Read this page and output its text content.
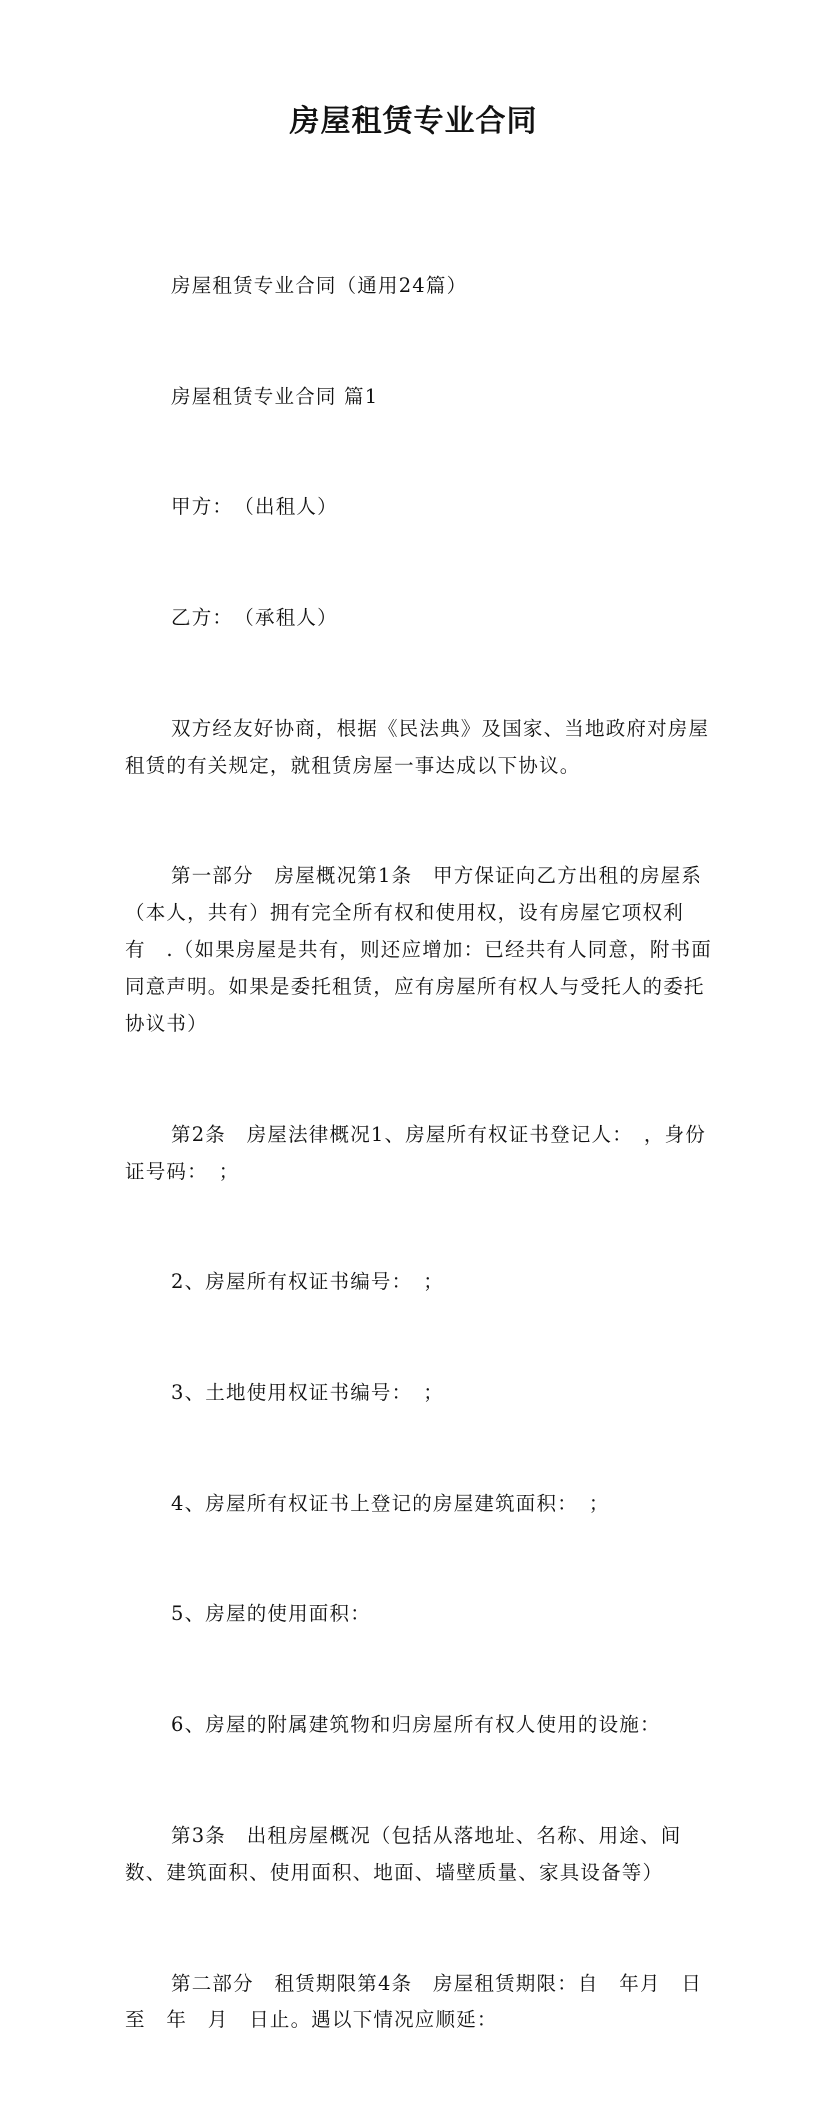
房屋租赁专业合同

房屋租赁专业合同（通用24篇）

房屋租赁专业合同 篇1

甲方：　（出租人）

乙方：　（承租人）

双方经友好协商，根据《民法典》及国家、当地政府对房屋租赁的有关规定，就租赁房屋一事达成以下协议。

第一部分　房屋概况第1条　甲方保证向乙方出租的房屋系　（本人，共有）拥有完全所有权和使用权，设有房屋它项权利有　.（如果房屋是共有，则还应增加：已经共有人同意，附书面同意声明。如果是委托租赁，应有房屋所有权人与受托人的委托协议书）

第2条　房屋法律概况1、房屋所有权证书登记人：　，身份证号码：　；

2、房屋所有权证书编号：　；

3、土地使用权证书编号：　；

4、房屋所有权证书上登记的房屋建筑面积：　；

5、房屋的使用面积：

6、房屋的附属建筑物和归房屋所有权人使用的设施：

第3条　出租房屋概况（包括从落地址、名称、用途、间数、建筑面积、使用面积、地面、墙壁质量、家具设备等）

第二部分　租赁期限第4条　房屋租赁期限：自　年月　日至　年　月　日止。遇以下情况应顺延：
